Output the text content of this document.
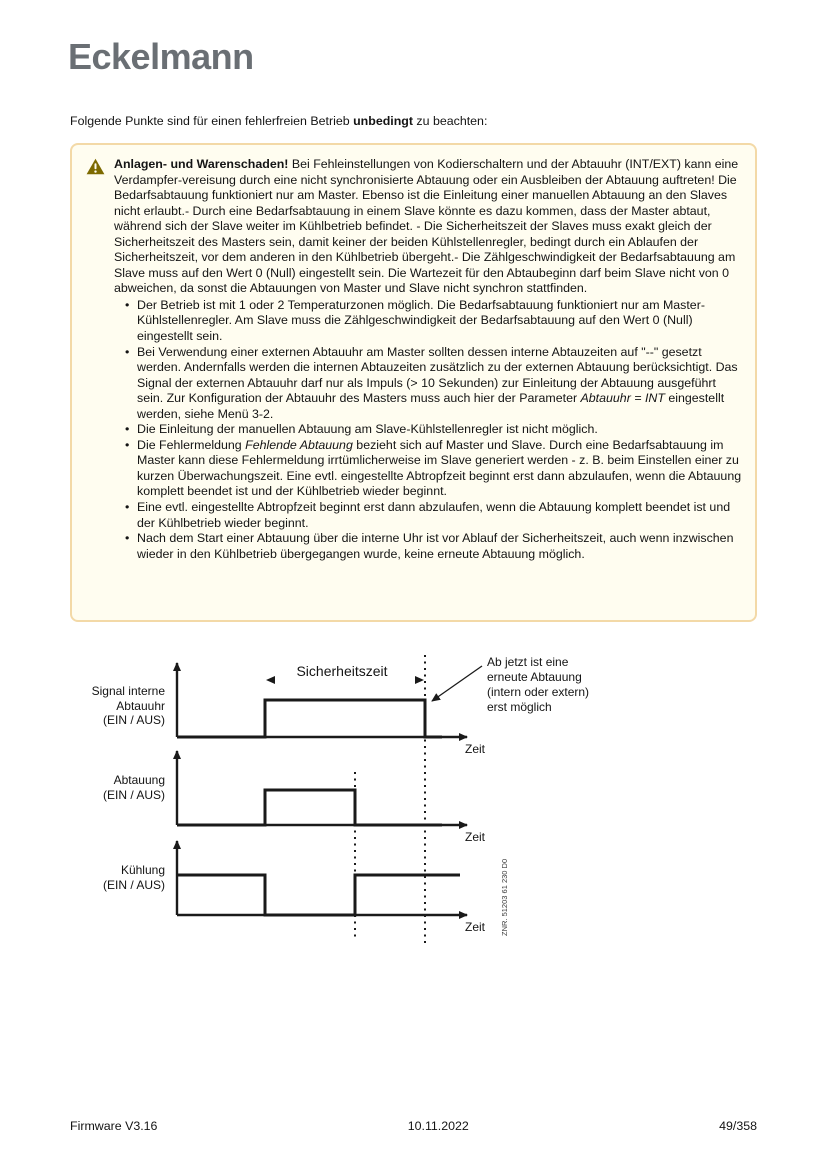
Eckelmann

Folgende Punkte sind für einen fehlerfreien Betrieb unbedingt zu beachten:

Anlagen- und Warenschaden! Bei Fehleinstellungen von Kodierschaltern und der Abtauuhr (INT/EXT) kann eine Verdampfer-vereisung durch eine nicht synchronisierte Abtauung oder ein Ausbleiben der Abtauung auftreten! Die Bedarfsabtauung funktioniert nur am Master. Ebenso ist die Einleitung einer manuellen Abtauung an den Slaves nicht erlaubt.- Durch eine Bedarfsabtauung in einem Slave könnte es dazu kommen, dass der Master abtaut, während sich der Slave weiter im Kühlbetrieb befindet. - Die Sicherheitszeit der Slaves muss exakt gleich der Sicherheitszeit des Masters sein, damit keiner der beiden Kühlstellenregler, bedingt durch ein Ablaufen der Sicherheitszeit, vor dem anderen in den Kühlbetrieb übergeht.- Die Zählgeschwindigkeit der Bedarfsabtauung am Slave muss auf den Wert 0 (Null) eingestellt sein. Die Wartezeit für den Abtaubeginn darf beim Slave nicht von 0 abweichen, da sonst die Abtauungen von Master und Slave nicht synchron stattfinden.

• Der Betrieb ist mit 1 oder 2 Temperaturzonen möglich. Die Bedarfsabtauung funktioniert nur am Master-Kühlstellenregler. Am Slave muss die Zählgeschwindigkeit der Bedarfsabtauung auf den Wert 0 (Null) eingestellt sein.
• Bei Verwendung einer externen Abtauuhr am Master sollten dessen interne Abtauzeiten auf "--" gesetzt werden. Andernfalls werden die internen Abtauzeiten zusätzlich zu der externen Abtauung berücksichtigt. Das Signal der externen Abtauuhr darf nur als Impuls (> 10 Sekunden) zur Einleitung der Abtauung ausgeführt sein. Zur Konfiguration der Abtauuhr des Masters muss auch hier der Parameter Abtauuhr = INT eingestellt werden, siehe Menü 3-2.
• Die Einleitung der manuellen Abtauung am Slave-Kühlstellenregler ist nicht möglich.
• Die Fehlermeldung Fehlende Abtauung bezieht sich auf Master und Slave. Durch eine Bedarfsabtauung im Master kann diese Fehlermeldung irrtümlicherweise im Slave generiert werden - z. B. beim Einstellen einer zu kurzen Überwachungszeit. Eine evtl. eingestellte Abtropfzeit beginnt erst dann abzulaufen, wenn die Abtauung komplett beendet ist und der Kühlbetrieb wieder beginnt.
• Eine evtl. eingestellte Abtropfzeit beginnt erst dann abzulaufen, wenn die Abtauung komplett beendet ist und der Kühlbetrieb wieder beginnt.
• Nach dem Start einer Abtauung über die interne Uhr ist vor Ablauf der Sicherheitszeit, auch wenn inzwischen wieder in den Kühlbetrieb übergegangen wurde, keine erneute Abtauung möglich.
Sicherheitszeit
Signal interne
Abtauuhr
(EIN / AUS)
Zeit
Ab jetzt ist eine
erneute Abtauung
(intern oder extern)
erst möglich
Abtauung
(EIN / AUS)
Zeit
Kühlung
(EIN / AUS)
Zeit ZNR. 51203 61 230 D0
Firmware V3.16	10.11.2022	49/358
